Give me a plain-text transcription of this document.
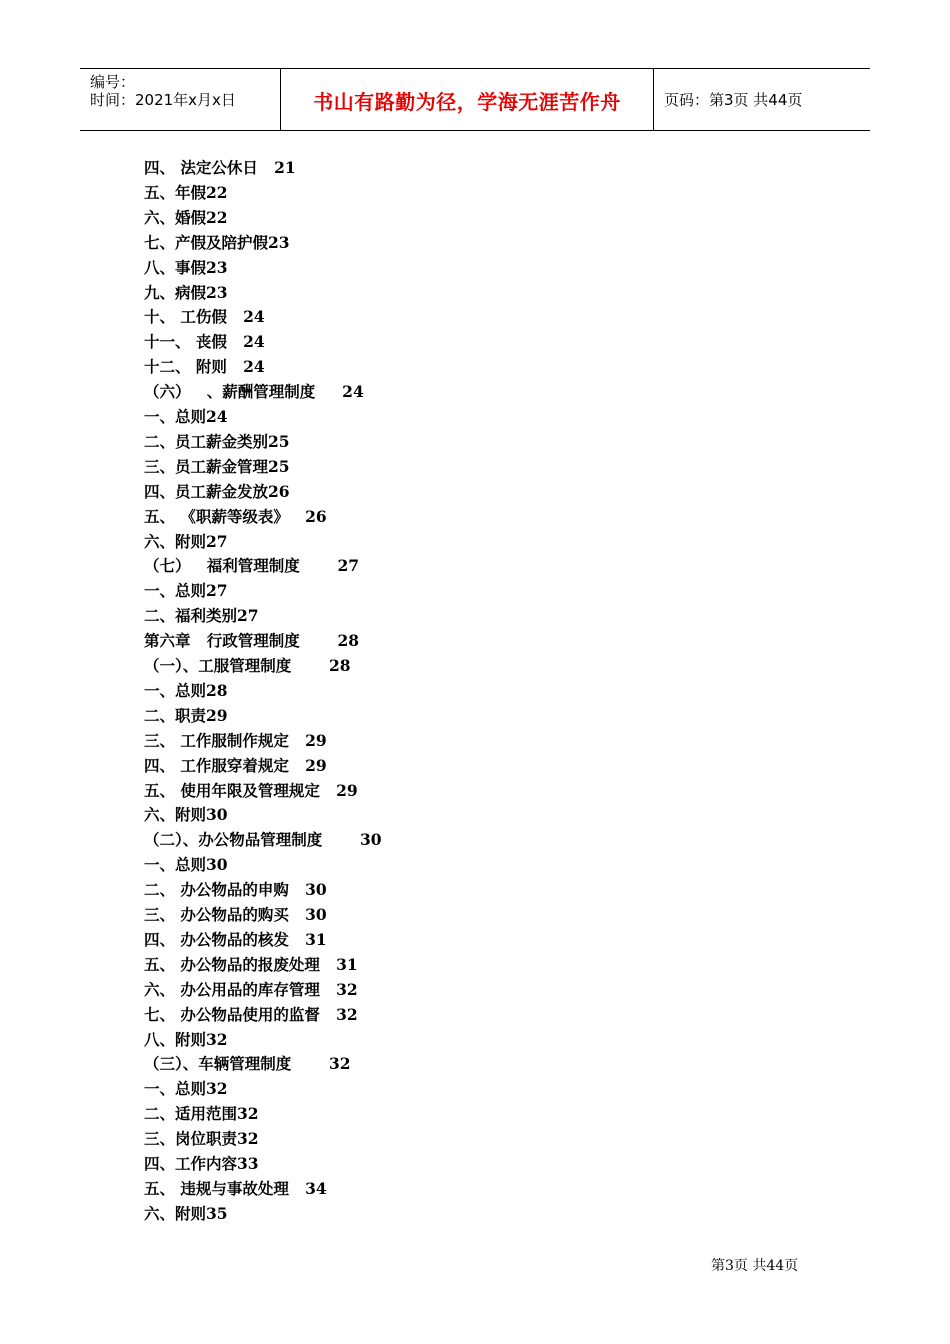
编号：
时间：2021年x月x日	书山有路勤为径，学海无涯苦作舟	页码：第3页 共44页
四、 法定公休日   21
五、年假22
六、婚假22
七、产假及陪护假23
八、事假23
九、病假23
十、 工伤假   24
十一、 丧假   24
十二、 附则   24
（六）   、薪酬管理制度     24
一、总则24
二、员工薪金类别25
三、员工薪金管理25
四、员工薪金发放26
五、 《职薪等级表》   26
六、附则27
（七）   福利管理制度       27
一、总则27
二、福利类别27
第六章   行政管理制度       28
（一）、工服管理制度       28
一、总则28
二、职责29
三、 工作服制作规定   29
四、 工作服穿着规定   29
五、 使用年限及管理规定   29
六、附则30
（二）、办公物品管理制度       30
一、总则30
二、 办公物品的申购   30
三、 办公物品的购买   30
四、 办公物品的核发   31
五、 办公物品的报废处理   31
六、 办公用品的库存管理   32
七、 办公物品使用的监督   32
八、附则32
（三）、车辆管理制度       32
一、总则32
二、适用范围32
三、岗位职责32
四、工作内容33
五、 违规与事故处理   34
六、附则35
第3页 共44页
